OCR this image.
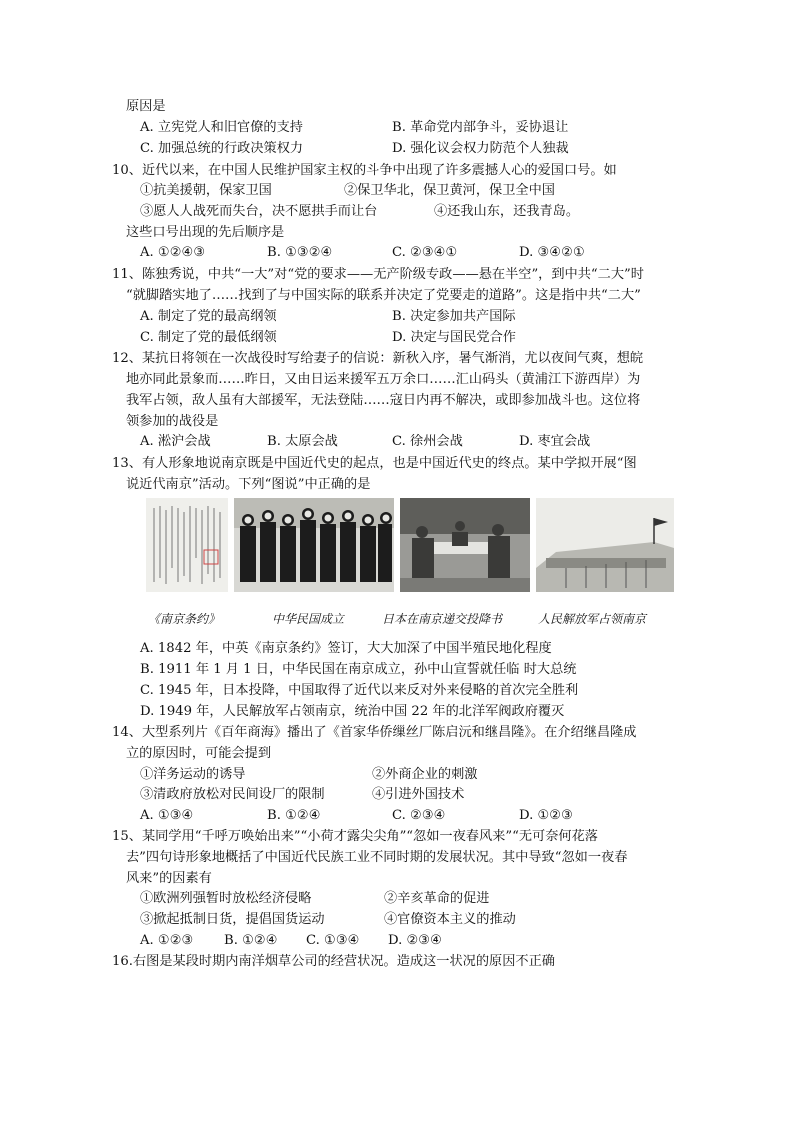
原因是
A. 立宪党人和旧官僚的支持	B. 革命党内部争斗，妥协退让
C. 加强总统的行政决策权力	D. 强化议会权力防范个人独裁
10、近代以来，在中国人民维护国家主权的斗争中出现了许多震撼人心的爱国口号。如
①抗美援朝，保家卫国	②保卫华北，保卫黄河，保卫全中国
③愿人人战死而失台，决不愿拱手而让台	④还我山东，还我青岛。
这些口号出现的先后顺序是
A. ①②④③	B. ①③②④	C. ②③④①	D. ③④②①
11、陈独秀说，中共“一大”对“党的要求——无产阶级专政——悬在半空”，到中共“二大”时
“就脚踏实地了……找到了与中国实际的联系并决定了党要走的道路”。这是指中共“二大”
A. 制定了党的最高纲领	B. 决定参加共产国际
C. 制定了党的最低纲领	D. 决定与国民党合作
12、某抗日将领在一次战役时写给妻子的信说：新秋入序，暑气渐消，尤以夜间气爽，想皖
地亦同此景象而……昨日，又由日运来援军五万余口……汇山码头（黄浦江下游西岸）为
我军占领，敌人虽有大部援军，无法登陆……寇日内再不解决，或即参加战斗也。这位将
领参加的战役是
A. 淞沪会战	B. 太原会战	C. 徐州会战	D. 枣宜会战
13、有人形象地说南京既是中国近代史的起点，也是中国近代史的终点。某中学拟开展“图
说近代南京”活动。下列“图说”中正确的是
《南京条约》	中华民国成立	日本在南京递交投降书	人民解放军占领南京
A. 1842 年，中英《南京条约》签订，大大加深了中国半殖民地化程度
B. 1911 年 1 月 1 日，中华民国在南京成立，孙中山宣誓就任临 时大总统
C. 1945 年，日本投降，中国取得了近代以来反对外来侵略的首次完全胜利
D. 1949 年，人民解放军占领南京，统治中国 22 年的北洋军阀政府覆灭
14、大型系列片《百年商海》播出了《首家华侨缫丝厂陈启沅和继昌隆》。在介绍继昌隆成
立的原因时，可能会提到
①洋务运动的诱导	②外商企业的刺激
③清政府放松对民间设厂的限制	④引进外国技术
A. ①③④	B. ①②④	C. ②③④	D. ①②③
15、某同学用“千呼万唤始出来”“小荷才露尖尖角”“忽如一夜春风来”“无可奈何花落
去”四句诗形象地概括了中国近代民族工业不同时期的发展状况。其中导致“忽如一夜春
风来”的因素有
①欧洲列强暂时放松经济侵略	②辛亥革命的促进
③掀起抵制日货，提倡国货运动	④官僚资本主义的推动
A. ①②③ B. ①②④ C. ①③④ D. ②③④
16.右图是某段时期内南洋烟草公司的经营状况。造成这一状况的原因不正确
